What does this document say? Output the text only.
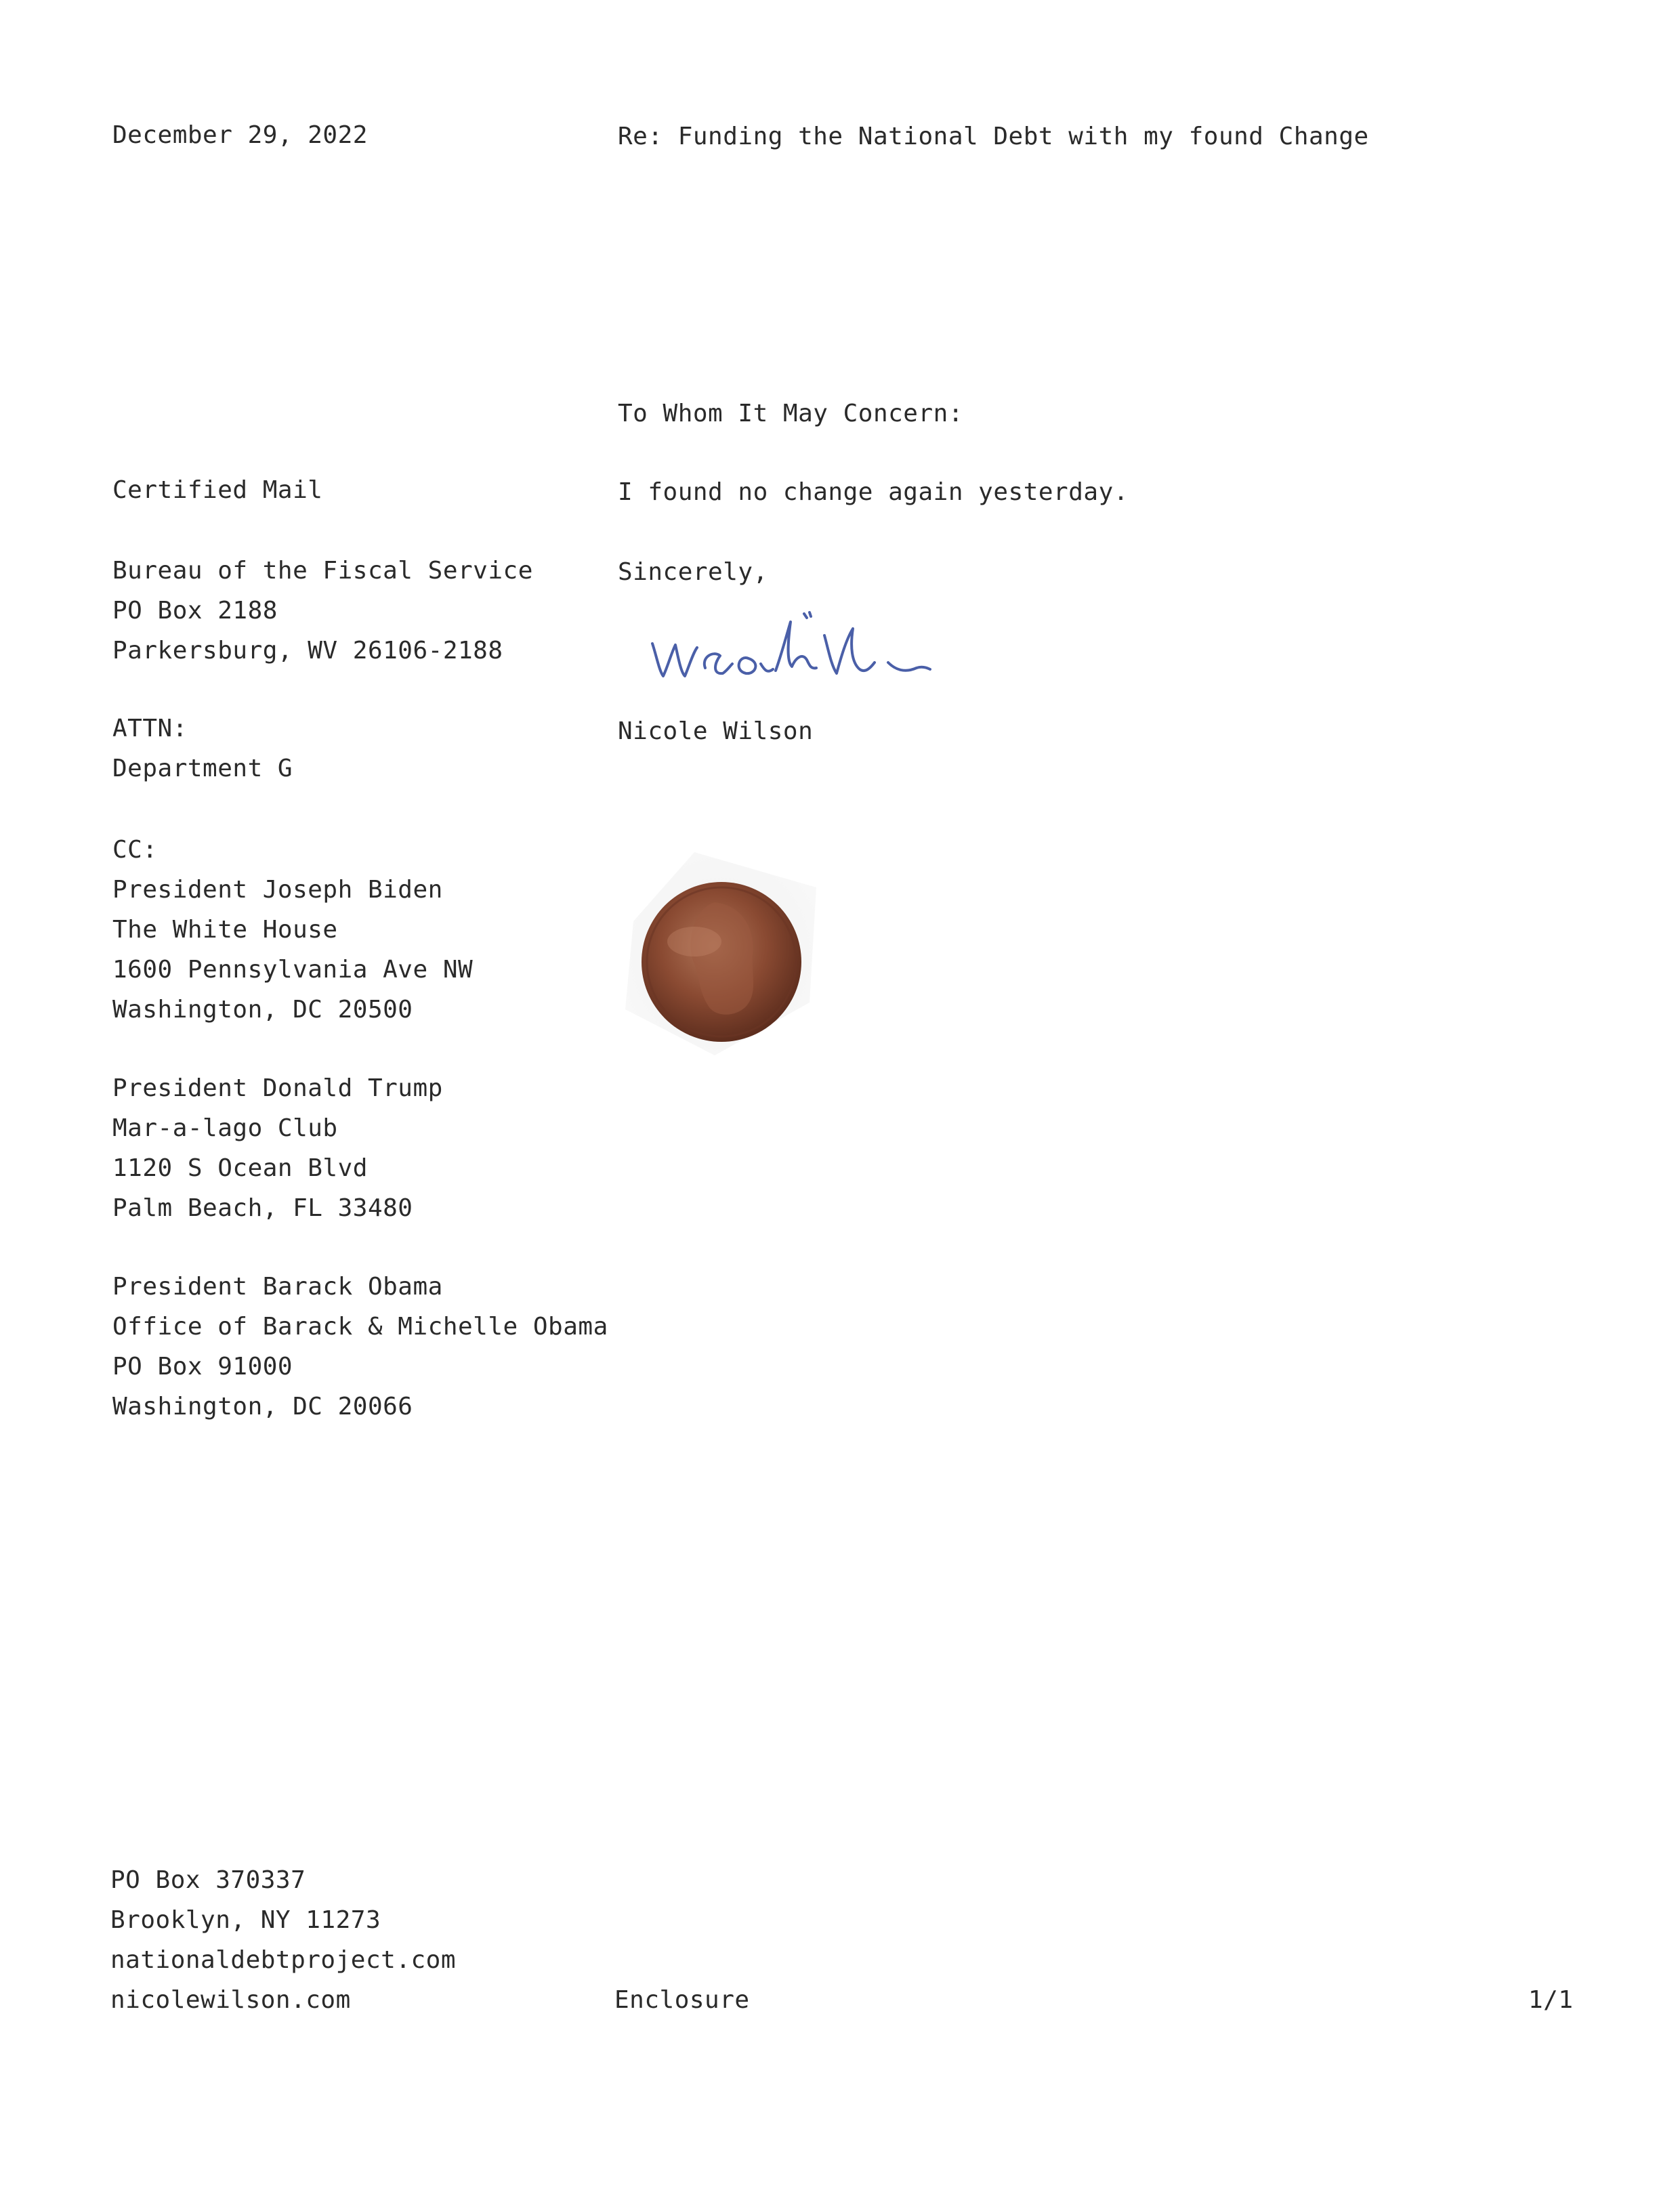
December 29, 2022	Re: Funding the National Debt with my found Change
To Whom It May Concern:
I found no change again yesterday.
Sincerely,
Nicole Wilson
Certified Mail
Bureau of the Fiscal Service
PO Box 2188
Parkersburg, WV 26106-2188
ATTN:
Department G
CC:
President Joseph Biden
The White House
1600 Pennsylvania Ave NW
Washington, DC 20500
President Donald Trump
Mar-a-lago Club
1120 S Ocean Blvd
Palm Beach, FL 33480
President Barack Obama
Office of Barack & Michelle Obama
PO Box 91000
Washington, DC 20066
PO Box 370337
Brooklyn, NY 11273
nationaldebtproject.com
nicolewilson.com	Enclosure	1/1
